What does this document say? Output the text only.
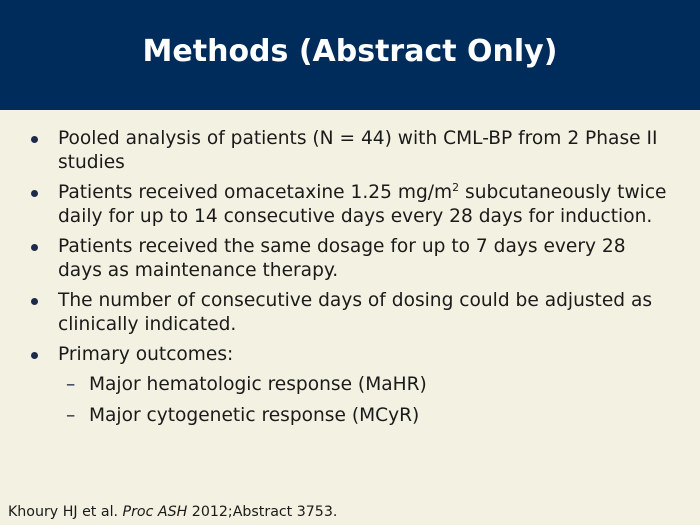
Methods (Abstract Only)
Pooled analysis of patients (N = 44) with CML-BP from 2 Phase II studies
Patients received omacetaxine 1.25 $mg/m^2$ subcutaneously twice daily for up to 14 consecutive days every 28 days for induction.
Patients received the same dosage for up to 7 days every 28 days as maintenance therapy.
The number of consecutive days of dosing could be adjusted as clinically indicated.
Primary outcomes:
– Major hematologic response (MaHR)
– Major cytogenetic response (MCyR)
Khoury HJ et al. Proc ASH 2012;Abstract 3753.
